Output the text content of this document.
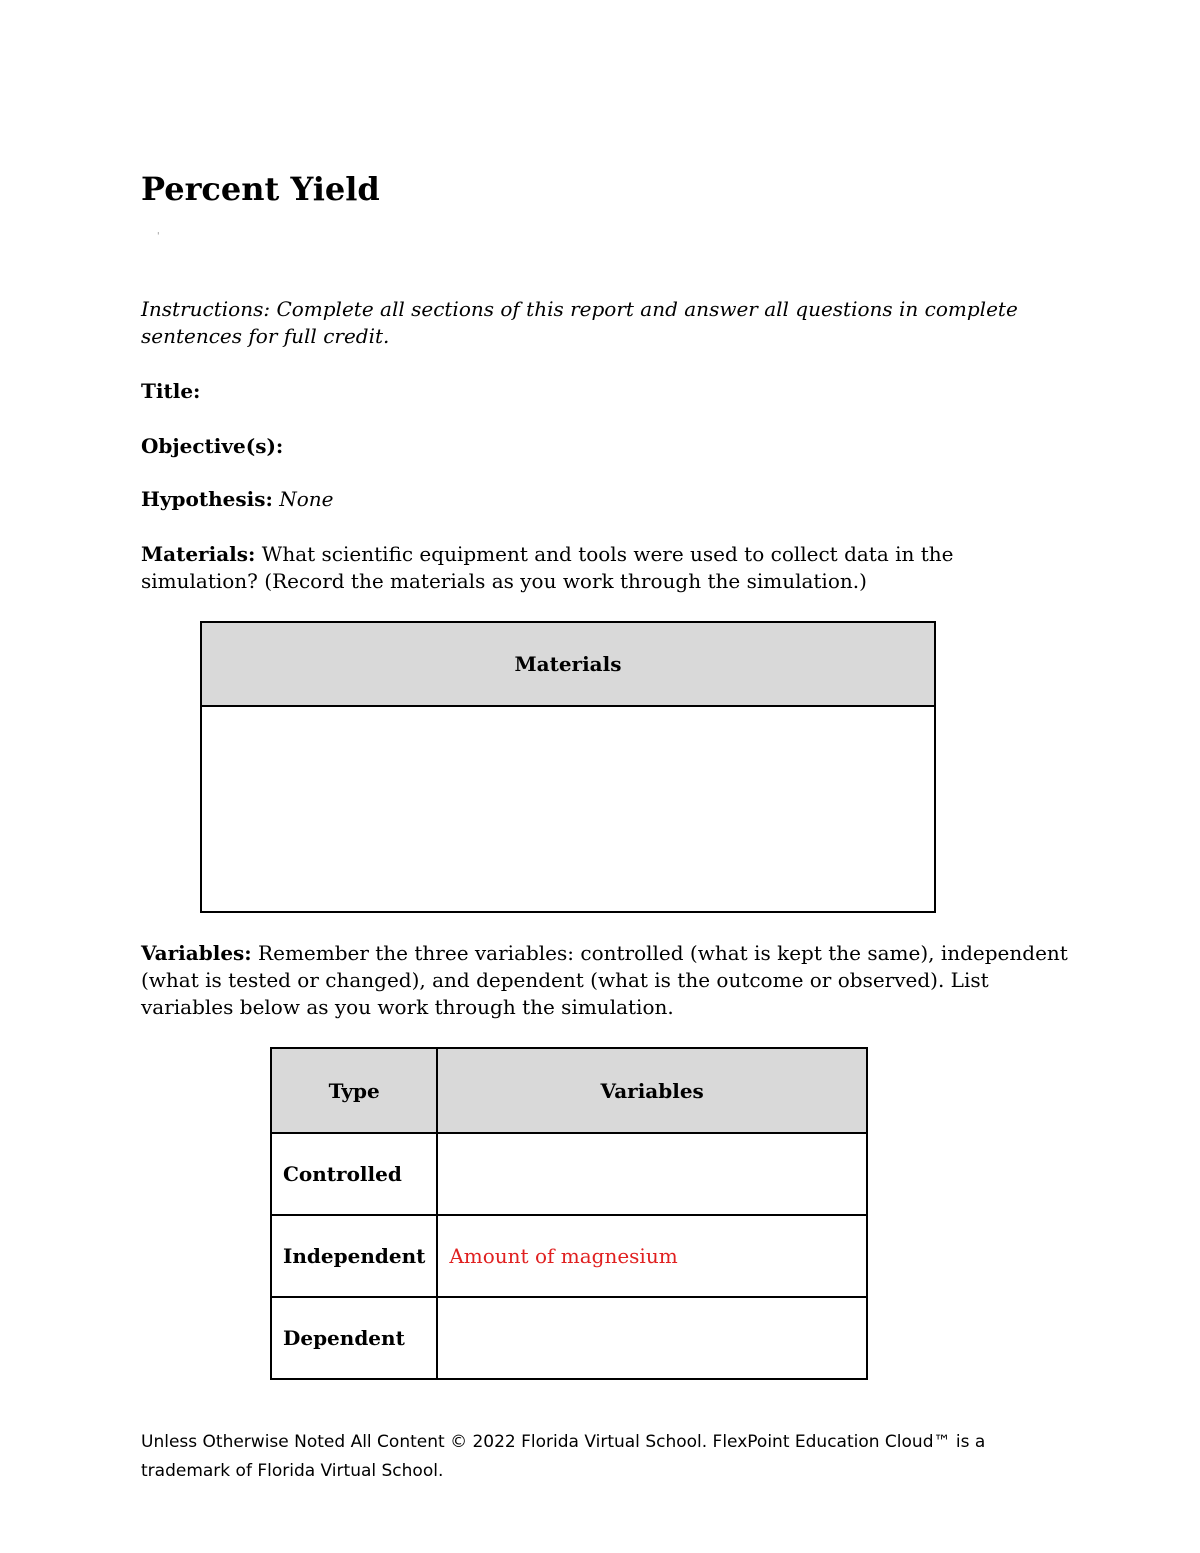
Percent Yield
'

Instructions: Complete all sections of this report and answer all questions in complete sentences for full credit.

Title:

Objective(s):

Hypothesis: None

Materials: What scientific equipment and tools were used to collect data in the simulation? (Record the materials as you work through the simulation.)

Materials

Variables: Remember the three variables: controlled (what is kept the same), independent (what is tested or changed), and dependent (what is the outcome or observed). List variables below as you work through the simulation.

Type	Variables
Controlled	
Independent	Amount of magnesium
Dependent	

Unless Otherwise Noted All Content © 2022 Florida Virtual School. FlexPoint Education Cloud™ is a trademark of Florida Virtual School.
